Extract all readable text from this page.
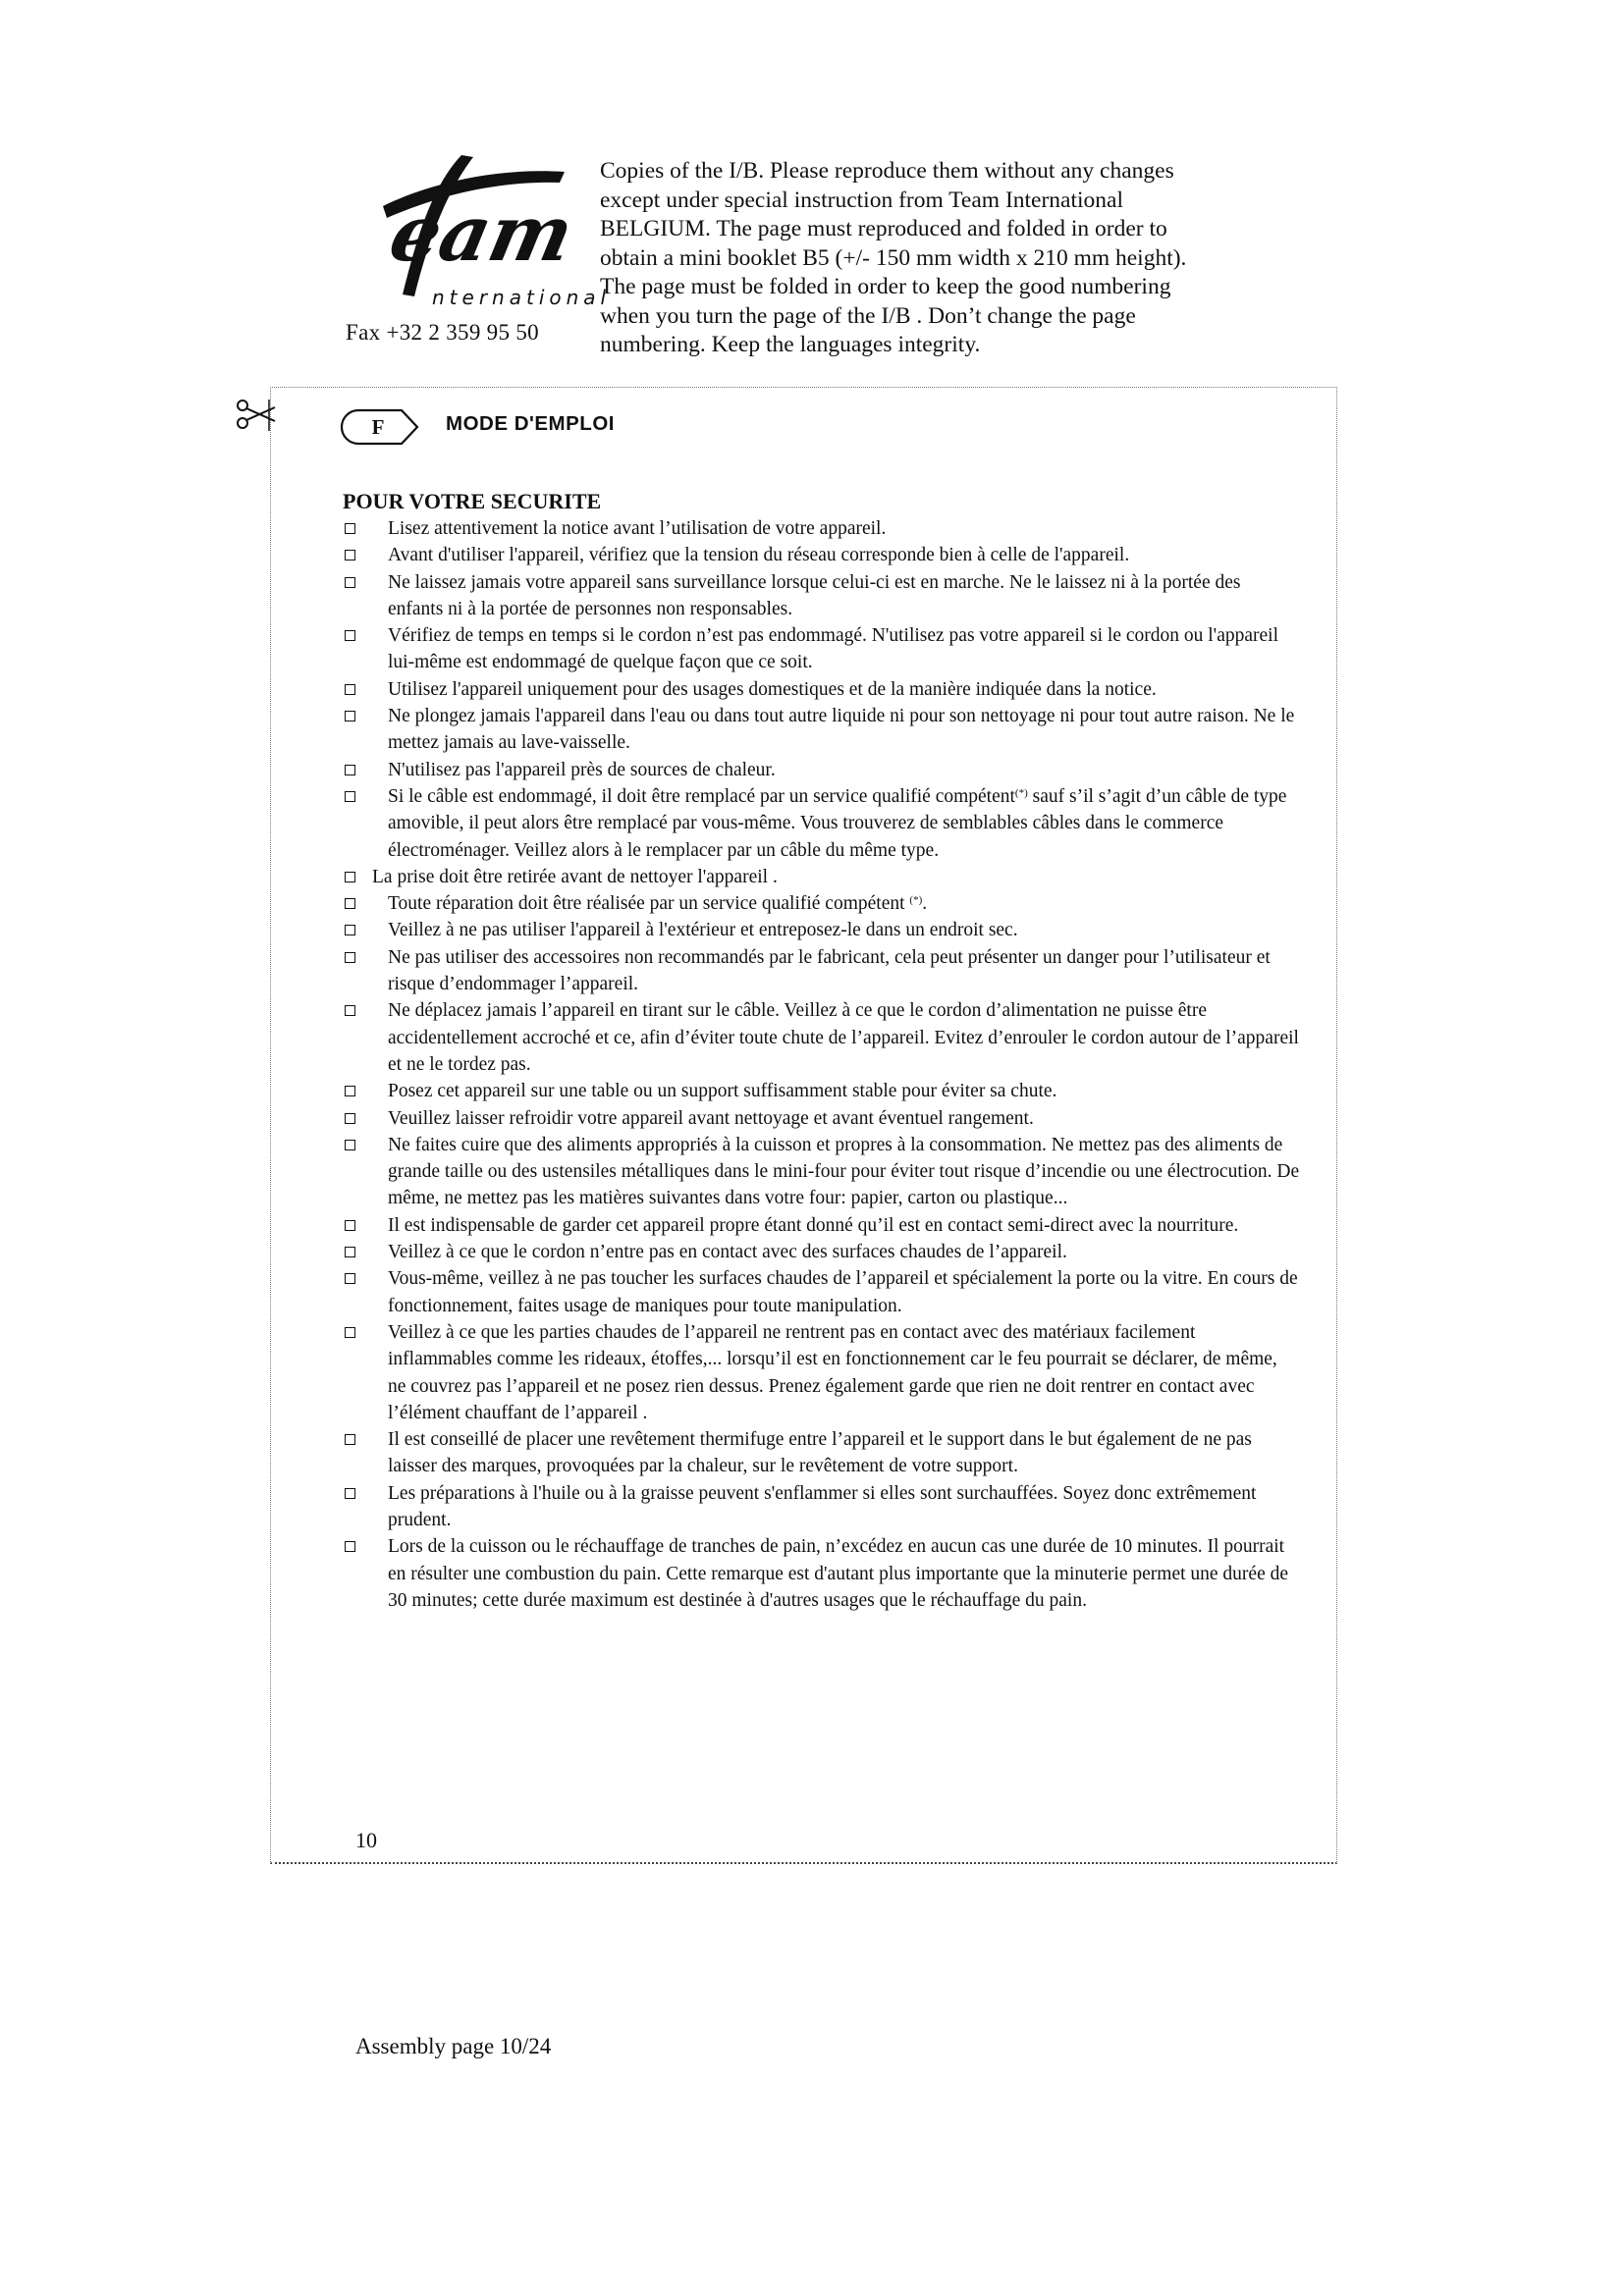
eam
nternational
Fax +32 2 359 95 50

Copies of the I/B. Please reproduce them without any changes

except under special instruction from Team International

BELGIUM. The page must reproduced and folded in order to

obtain a mini booklet B5 (+/- 150 mm width x 210 mm height).

The page must be folded in order to keep the good numbering

when you turn the page of the I/B . Don’t change the page

numbering. Keep the languages integrity.

F	MODE D'EMPLOI
POUR VOTRE SECURITE
Lisez attentivement la notice avant l’utilisation de votre appareil.
Avant d'utiliser l'appareil, vérifiez que la tension du réseau corresponde bien à celle de l'appareil.
Ne laissez jamais votre appareil sans surveillance lorsque celui-ci est en marche. Ne le laissez ni à la portée des enfants ni à la portée de personnes non responsables.
Vérifiez de temps en temps si le cordon n’est pas endommagé. N'utilisez pas votre appareil si le cordon ou l'appareil lui-même est endommagé de quelque façon que ce soit.
Utilisez l'appareil uniquement pour des usages domestiques et de la manière indiquée dans la notice.
Ne plongez jamais l'appareil dans l'eau ou dans tout autre liquide ni pour son nettoyage ni pour tout autre raison. Ne le mettez jamais au lave-vaisselle.
N'utilisez pas l'appareil près de sources de chaleur.
Si le câble est endommagé, il doit être remplacé par un service qualifié compétent(*) sauf s’il s’agit d’un câble de type amovible, il peut alors être remplacé par vous-même. Vous trouverez de semblables câbles dans le commerce électroménager. Veillez alors à le remplacer par un câble du même type.
La prise doit être retirée avant de nettoyer l'appareil .
Toute réparation doit être réalisée par un service qualifié compétent (*).
Veillez à ne pas utiliser l'appareil à l'extérieur et entreposez-le dans un endroit sec.
Ne pas utiliser des accessoires non recommandés par le fabricant, cela peut présenter un danger pour l’utilisateur et risque d’endommager l’appareil.
Ne déplacez jamais l’appareil en tirant sur le câble. Veillez à ce que le cordon d’alimentation ne puisse être accidentellement accroché et ce, afin d’éviter toute chute de l’appareil. Evitez d’enrouler le cordon autour de l’appareil et ne le tordez pas.
Posez cet appareil sur une table ou un support suffisamment stable pour éviter sa chute.
Veuillez laisser refroidir votre appareil avant nettoyage et avant éventuel rangement.
Ne faites cuire que des aliments appropriés à la cuisson et propres à la consommation. Ne mettez pas des aliments de grande taille ou des ustensiles métalliques dans le mini-four pour éviter tout risque d’incendie ou une électrocution. De même, ne mettez pas les matières suivantes dans votre four: papier, carton ou plastique...
Il est indispensable de garder cet appareil propre étant donné qu’il est en contact semi-direct avec la nourriture.
Veillez à ce que le cordon n’entre pas en contact avec des surfaces chaudes de l’appareil.
Vous-même, veillez à ne pas toucher les surfaces chaudes de l’appareil et spécialement la porte ou la vitre. En cours de fonctionnement, faites usage de maniques pour toute manipulation.
Veillez à ce que les parties chaudes de l’appareil ne rentrent pas en contact avec des matériaux facilement inflammables comme les rideaux, étoffes,... lorsqu’il est en fonctionnement car le feu pourrait se déclarer, de même, ne couvrez pas l’appareil et ne posez rien dessus. Prenez également garde que rien ne doit rentrer en contact avec l’élément chauffant de l’appareil .
Il est conseillé de placer une revêtement thermifuge entre l’appareil et le support dans le but également de ne pas laisser des marques, provoquées par la chaleur, sur le revêtement de votre support.
Les préparations à l'huile ou à la graisse peuvent s'enflammer si elles sont surchauffées. Soyez donc extrêmement prudent.
Lors de la cuisson ou le réchauffage de tranches de pain, n’excédez en aucun cas une durée de 10 minutes. Il pourrait en résulter une combustion du pain. Cette remarque est d'autant plus importante que la minuterie permet une durée de 30 minutes; cette durée maximum est destinée à d'autres usages que le réchauffage du pain.
10
Assembly page 10/24
